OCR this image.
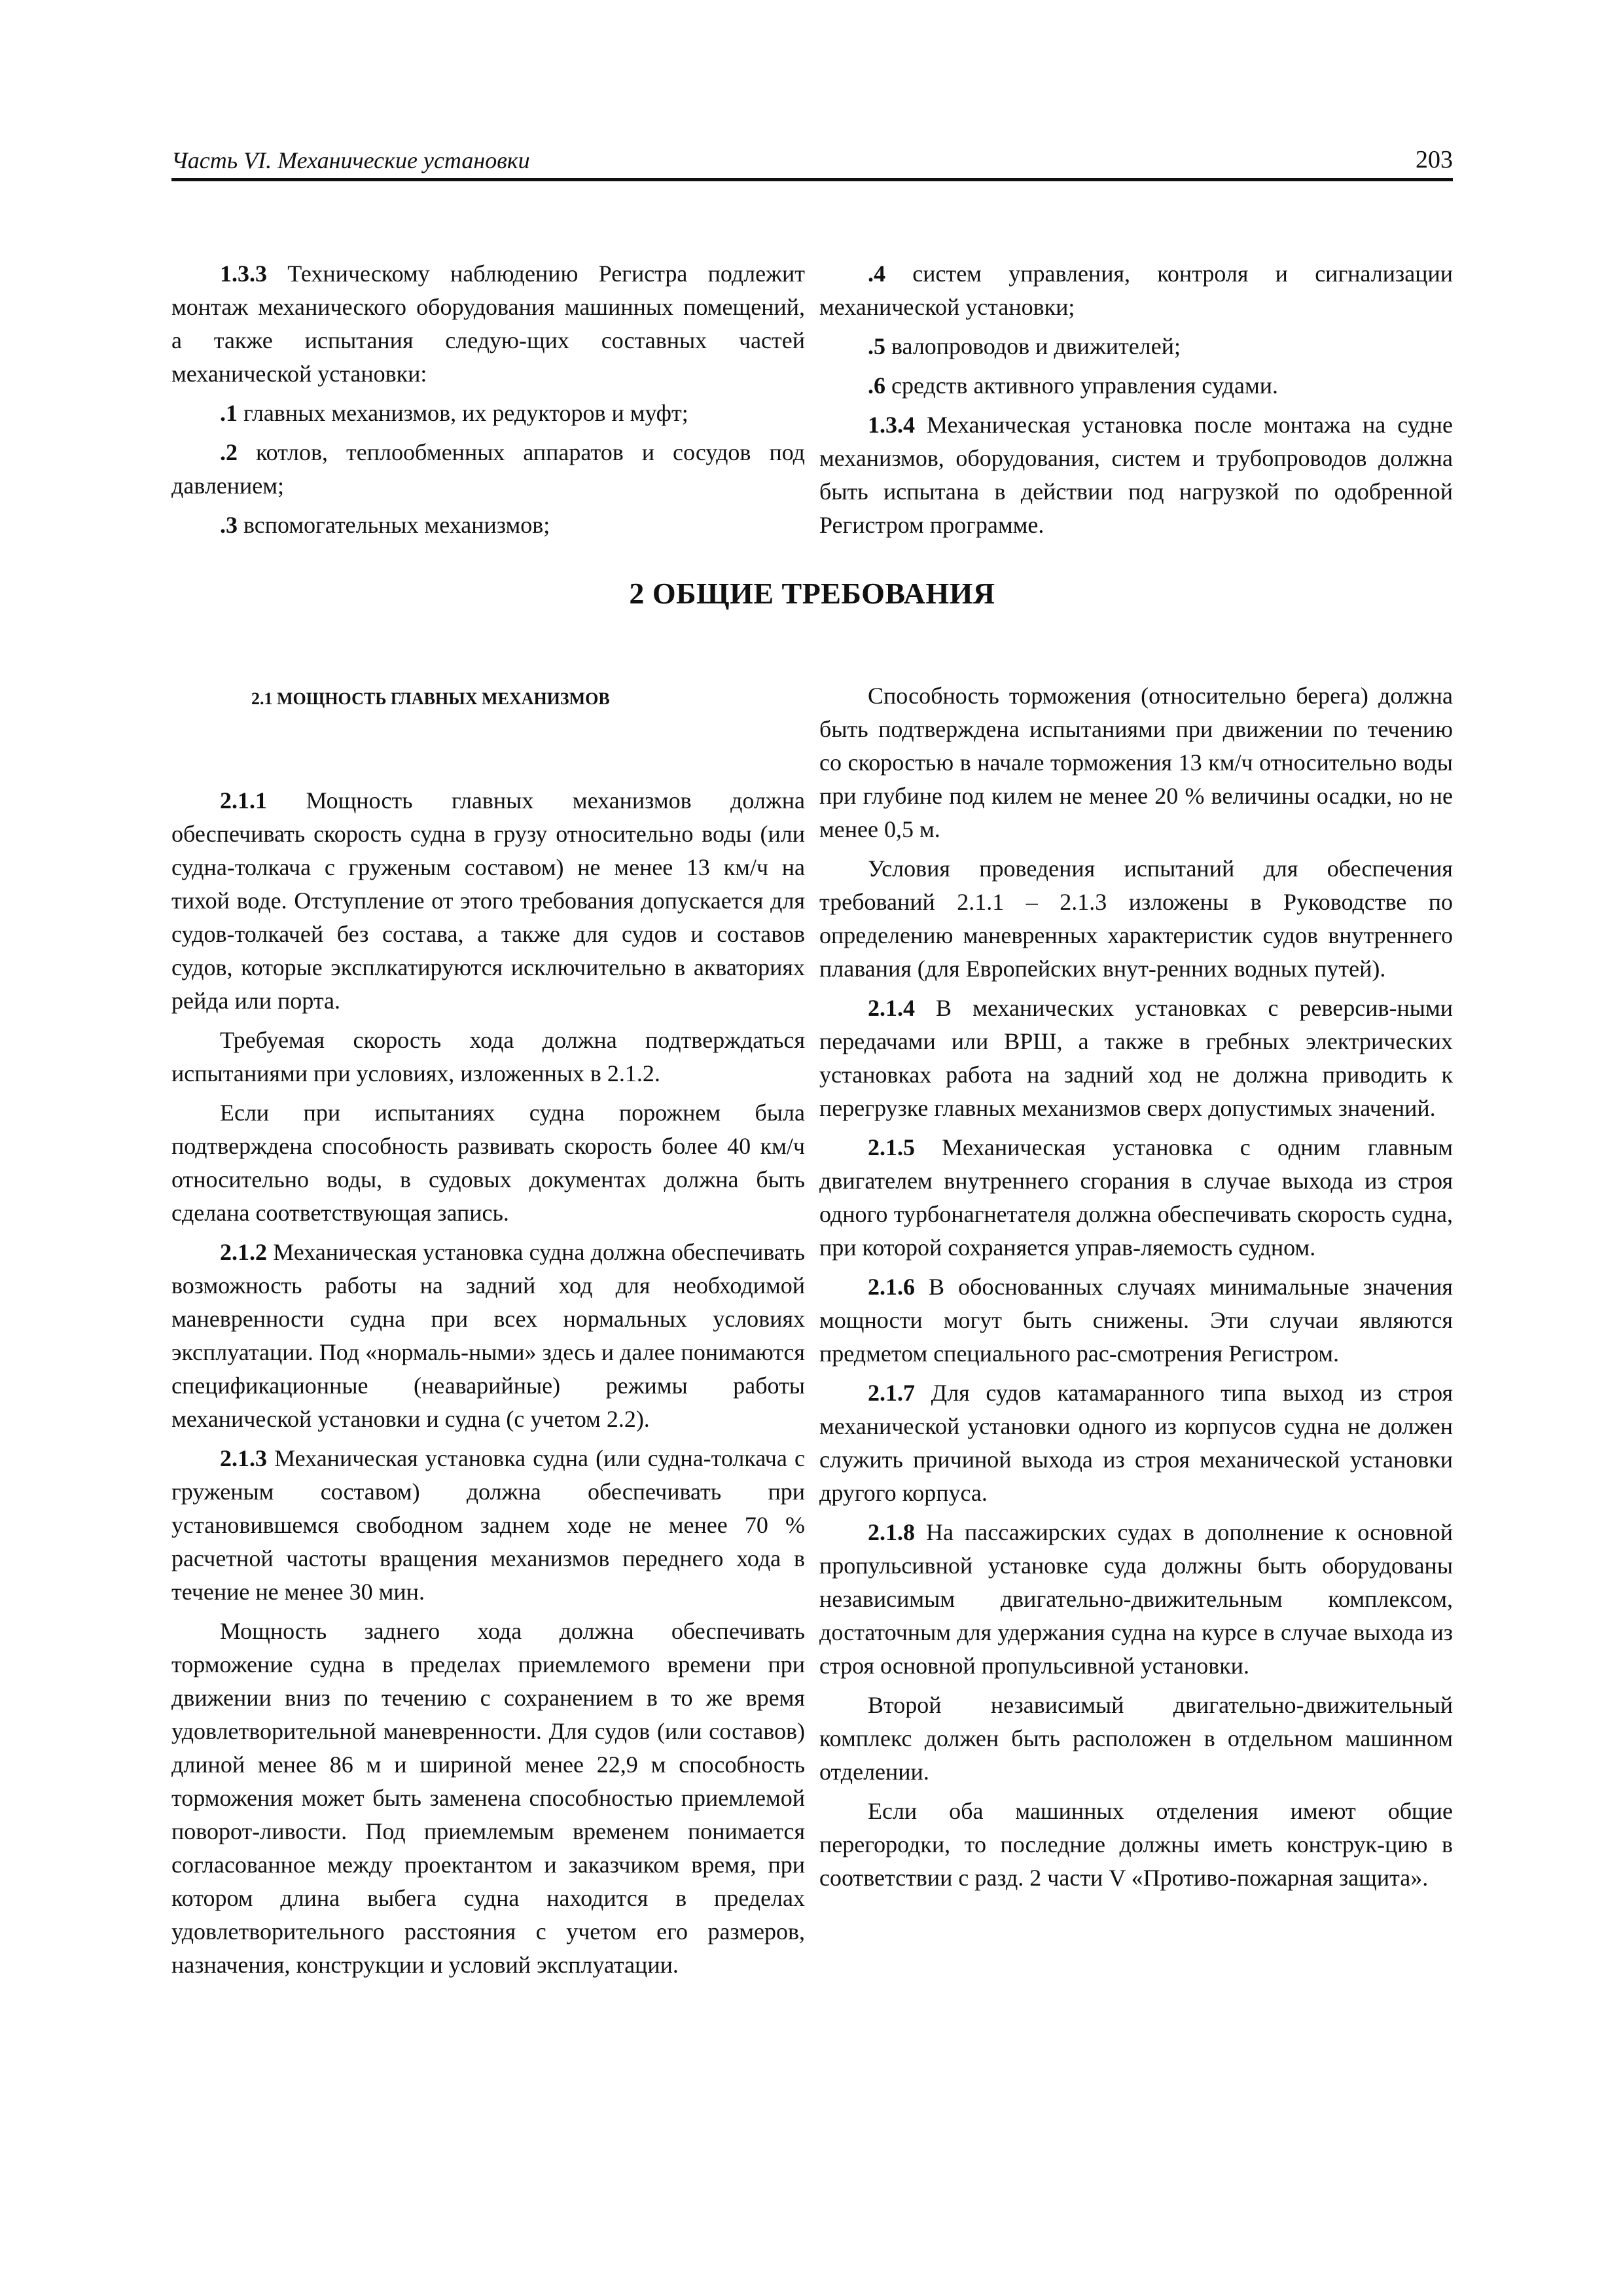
Часть VI. Механические установки	203

1.3.3 Техническому наблюдению Регистра подлежит монтаж механического оборудования машинных помещений, а также испытания следую-щих составных частей механической установки:

.1 главных механизмов, их редукторов и муфт;

.2 котлов, теплообменных аппаратов и сосудов под давлением;

.3 вспомогательных механизмов;

.4 систем управления, контроля и сигнализации механической установки;

.5 валопроводов и движителей;

.6 средств активного управления судами.

1.3.4 Механическая установка после монтажа на судне механизмов, оборудования, систем и трубопроводов должна быть испытана в действии под нагрузкой по одобренной Регистром программе.

2 ОБЩИЕ ТРЕБОВАНИЯ
2.1 МОЩНОСТЬ ГЛАВНЫХ МЕХАНИЗМОВ

2.1.1 Мощность главных механизмов должна обеспечивать скорость судна в грузу относительно воды (или судна-толкача с груженым составом) не менее 13 км/ч на тихой воде. Отступление от этого требования допускается для судов-толкачей без состава, а также для судов и составов судов, которые эксплкатируются исключительно в акваториях рейда или порта.

Требуемая скорость хода должна подтверждаться испытаниями при условиях, изложенных в 2.1.2.

Если при испытаниях судна порожнем была подтверждена способность развивать скорость более 40 км/ч относительно воды, в судовых документах должна быть сделана соответствующая запись.

2.1.2 Механическая установка судна должна обеспечивать возможность работы на задний ход для необходимой маневренности судна при всех нормальных условиях эксплуатации. Под «нормаль-ными» здесь и далее понимаются спецификационные (неаварийные) режимы работы механической установки и судна (с учетом 2.2).

2.1.3 Механическая установка судна (или судна-толкача с груженым составом) должна обеспечивать при установившемся свободном заднем ходе не менее 70 % расчетной частоты вращения механизмов переднего хода в течение не менее 30 мин.

Мощность заднего хода должна обеспечивать торможение судна в пределах приемлемого времени при движении вниз по течению с сохранением в то же время удовлетворительной маневренности. Для судов (или составов) длиной менее 86 м и шириной менее 22,9 м способность торможения может быть заменена способностью приемлемой поворот-ливости. Под приемлемым временем понимается согласованное между проектантом и заказчиком время, при котором длина выбега судна находится в пределах удовлетворительного расстояния с учетом его размеров, назначения, конструкции и условий эксплуатации.

Способность торможения (относительно берега) должна быть подтверждена испытаниями при движении по течению со скоростью в начале торможения 13 км/ч относительно воды при глубине под килем не менее 20 % величины осадки, но не менее 0,5 м.

Условия проведения испытаний для обеспечения требований 2.1.1 – 2.1.3 изложены в Руководстве по определению маневренных характеристик судов внутреннего плавания (для Европейских внут-ренних водных путей).

2.1.4 В механических установках с реверсив-ными передачами или ВРШ, а также в гребных электрических установках работа на задний ход не должна приводить к перегрузке главных механизмов сверх допустимых значений.

2.1.5 Механическая установка с одним главным двигателем внутреннего сгорания в случае выхода из строя одного турбонагнетателя должна обеспечивать скорость судна, при которой сохраняется управ-ляемость судном.

2.1.6 В обоснованных случаях минимальные значения мощности могут быть снижены. Эти случаи являются предметом специального рас-смотрения Регистром.

2.1.7 Для судов катамаранного типа выход из строя механической установки одного из корпусов судна не должен служить причиной выхода из строя механической установки другого корпуса.

2.1.8 На пассажирских судах в дополнение к основной пропульсивной установке суда должны быть оборудованы независимым двигательно-движительным комплексом, достаточным для удержания судна на курсе в случае выхода из строя основной пропульсивной установки.

Второй независимый двигательно-движительный комплекс должен быть расположен в отдельном машинном отделении.

Если оба машинных отделения имеют общие перегородки, то последние должны иметь конструк-цию в соответствии с разд. 2 части V «Противо-пожарная защита».
